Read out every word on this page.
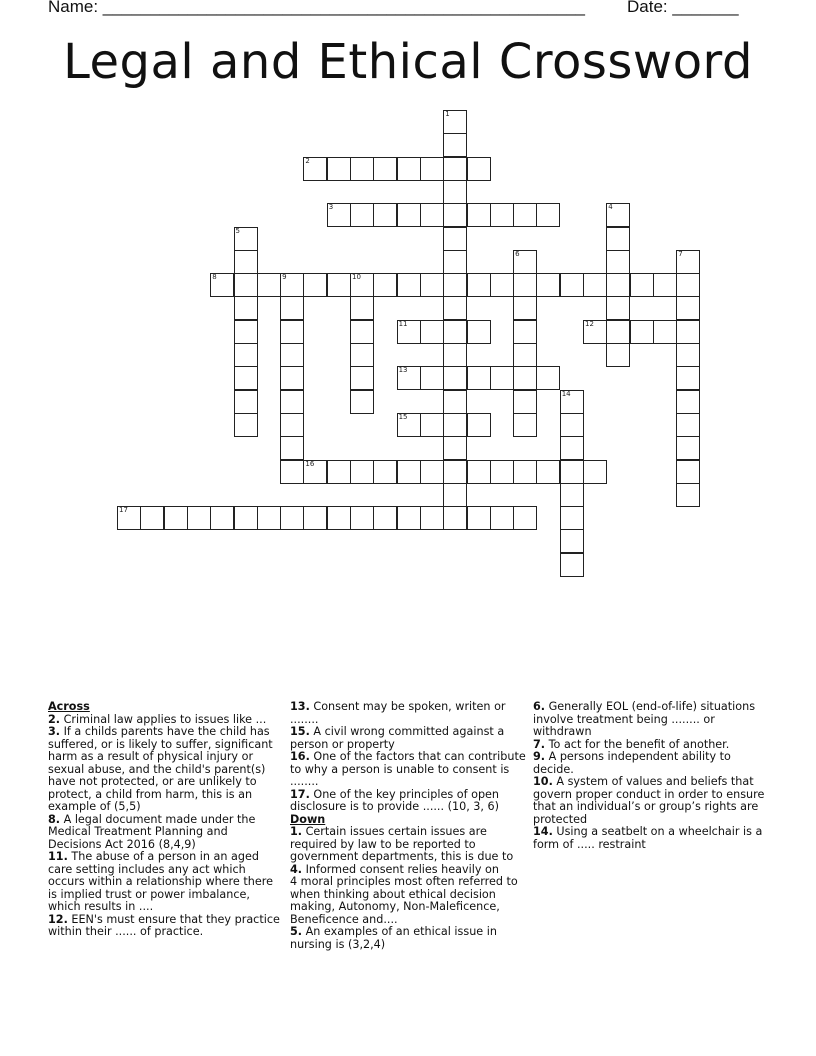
Name: ___________________________________________________ Date: _______
Legal and Ethical Crossword
2
3
8	9	10
11	12
13
15
16
17
1
4
5
6	7
14
Across

2. Criminal law applies to issues like ...

3. If a childs parents have the child has suffered, or is likely to suffer, significant harm as a result of physical injury or sexual abuse, and the child's parent(s) have not protected, or are unlikely to protect, a child from harm, this is an example of (5,5)

8. A legal document made under the Medical Treatment Planning and Decisions Act 2016 (8,4,9)

11. The abuse of a person in an aged care setting includes any act which occurs within a relationship where there is implied trust or power imbalance, which results in ....

12. EEN's must ensure that they practice within their ...... of practice.

13. Consent may be spoken, writen or ........

15. A civil wrong committed against a person or property

16. One of the factors that can contribute to why a person is unable to consent is ........

17. One of the key principles of open disclosure is to provide ...... (10, 3, 6)

Down

1. Certain issues certain issues are required by law to be reported to government departments, this is due to

4. Informed consent relies heavily on

4 moral principles most often referred to when thinking about ethical decision making, Autonomy, Non-Maleficence, Beneficence and....

5. An examples of an ethical issue in nursing is (3,2,4)

6. Generally EOL (end-of-life) situations involve treatment being ........ or withdrawn

7. To act for the benefit of another.

9. A persons independent ability to decide.

10. A system of values and beliefs that govern proper conduct in order to ensure that an individual’s or group’s rights are protected

14. Using a seatbelt on a wheelchair is a form of ..... restraint
